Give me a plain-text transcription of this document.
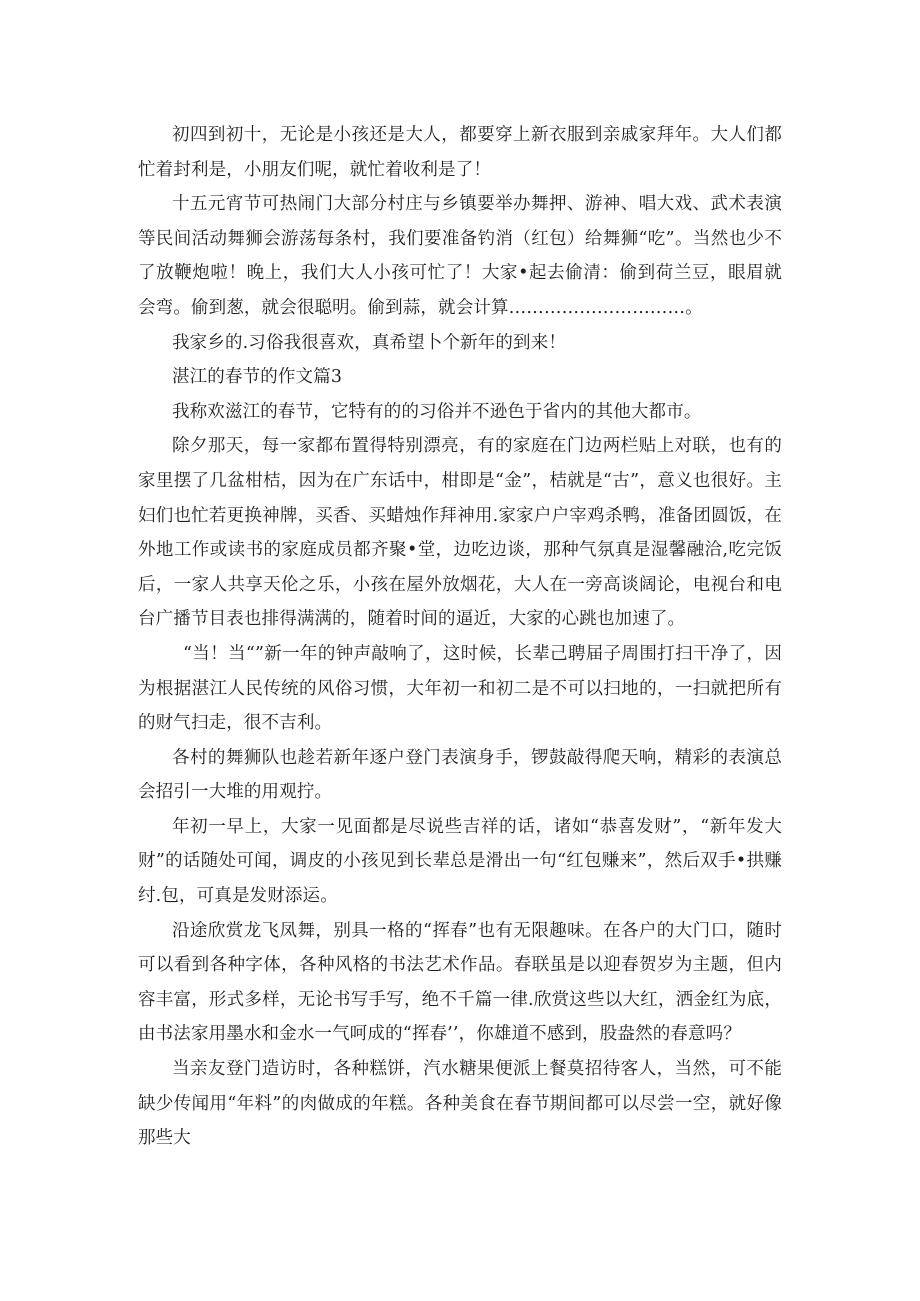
初四到初十，无论是小孩还是大人，都要穿上新衣服到亲戚家拜年。大人们都忙着封利是，小朋友们呢，就忙着收利是了！

十五元宵节可热闹门大部分村庄与乡镇要举办舞押、游神、唱大戏、武术表演等民间活动舞狮会游荡每条村，我们要准备钓消（红包）给舞狮“吃”。当然也少不了放鞭炮啦！晚上，我们大人小孩可忙了！大家•起去偷清：偷到荷兰豆，眼眉就会弯。偷到葱，就会很聪明。偷到蒜，就会计算…………………………。

我家乡的.习俗我很喜欢，真希望卜个新年的到来！

湛江的春节的作文篇3

我称欢滋江的春节，它特有的的习俗并不逊色于省内的其他大都市。

除夕那天，每一家都布置得特别漂亮，有的家庭在门边两栏贴上对联，也有的家里摆了几盆柑桔，因为在广东话中，柑即是“金”，桔就是“古”，意义也很好。主妇们也忙若更换神牌，买香、买蜡烛作拜神用.家家户户宰鸡杀鸭，准备团圆饭，在外地工作或读书的家庭成员都齐聚•堂，边吃边谈，那种气氛真是湿馨融洽,吃完饭后，一家人共享天伦之乐，小孩在屋外放烟花，大人在一旁高谈阔论，电视台和电台广播节目表也排得满满的，随着时间的逼近，大家的心跳也加速了。

“当！当“”新一年的钟声敲响了，这时候，长辈己聘届子周围打扫干净了，因为根据湛江人民传统的风俗习惯，大年初一和初二是不可以扫地的，一扫就把所有的财气扫走，很不吉利。

各村的舞狮队也趁若新年逐户登门表演身手，锣鼓敲得爬天响，精彩的表演总会招引一大堆的用观拧。

年初一早上，大家一见面都是尽说些吉祥的话，诸如“恭喜发财”，“新年发大财”的话随处可闻，调皮的小孩见到长辈总是滑出一句“红包赚来”，然后双手•拱赚纣.包，可真是发财添运。

沿途欣赏龙飞凤舞，别具一格的“挥春”也有无限趣味。在各户的大门口，随时可以看到各种字体，各种风格的书法艺术作品。春联虽是以迎春贺岁为主题，但内容丰富，形式多样，无论书写手写，绝不千篇一律.欣赏这些以大红，洒金红为底，由书法家用墨水和金水一气呵成的“挥春’’，你雄道不感到，股盎然的春意吗？

当亲友登门造访时，各种糕饼，汽水糖果便派上餐莫招待客人，当然，可不能缺少传闻用“年料”的肉做成的年糕。各种美食在春节期间都可以尽尝一空，就好像那些大
